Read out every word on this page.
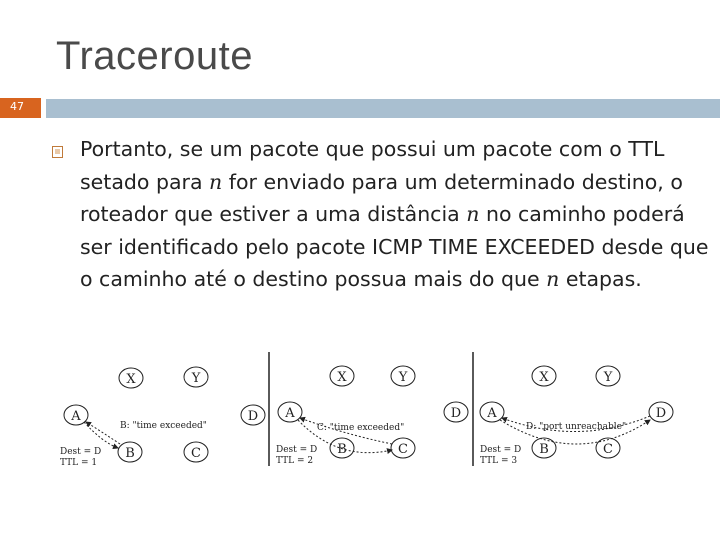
Traceroute
47
Portanto, se um pacote que possui um pacote com o TTL setado para n for enviado para um determinado destino, o roteador que estiver a uma distância n no caminho poderá ser identificado pelo pacote ICMP TIME EXCEEDED desde que o caminho até o destino possua mais do que n etapas.
X	Y
A
B	C
D
B: "time exceeded"
Dest = D
TTL = 1
X	Y
A
B	C
D
C: "time exceeded"
Dest = D
TTL = 2
X	Y
A
B	C
D
D: "port unreachable"
Dest = D
TTL = 3
